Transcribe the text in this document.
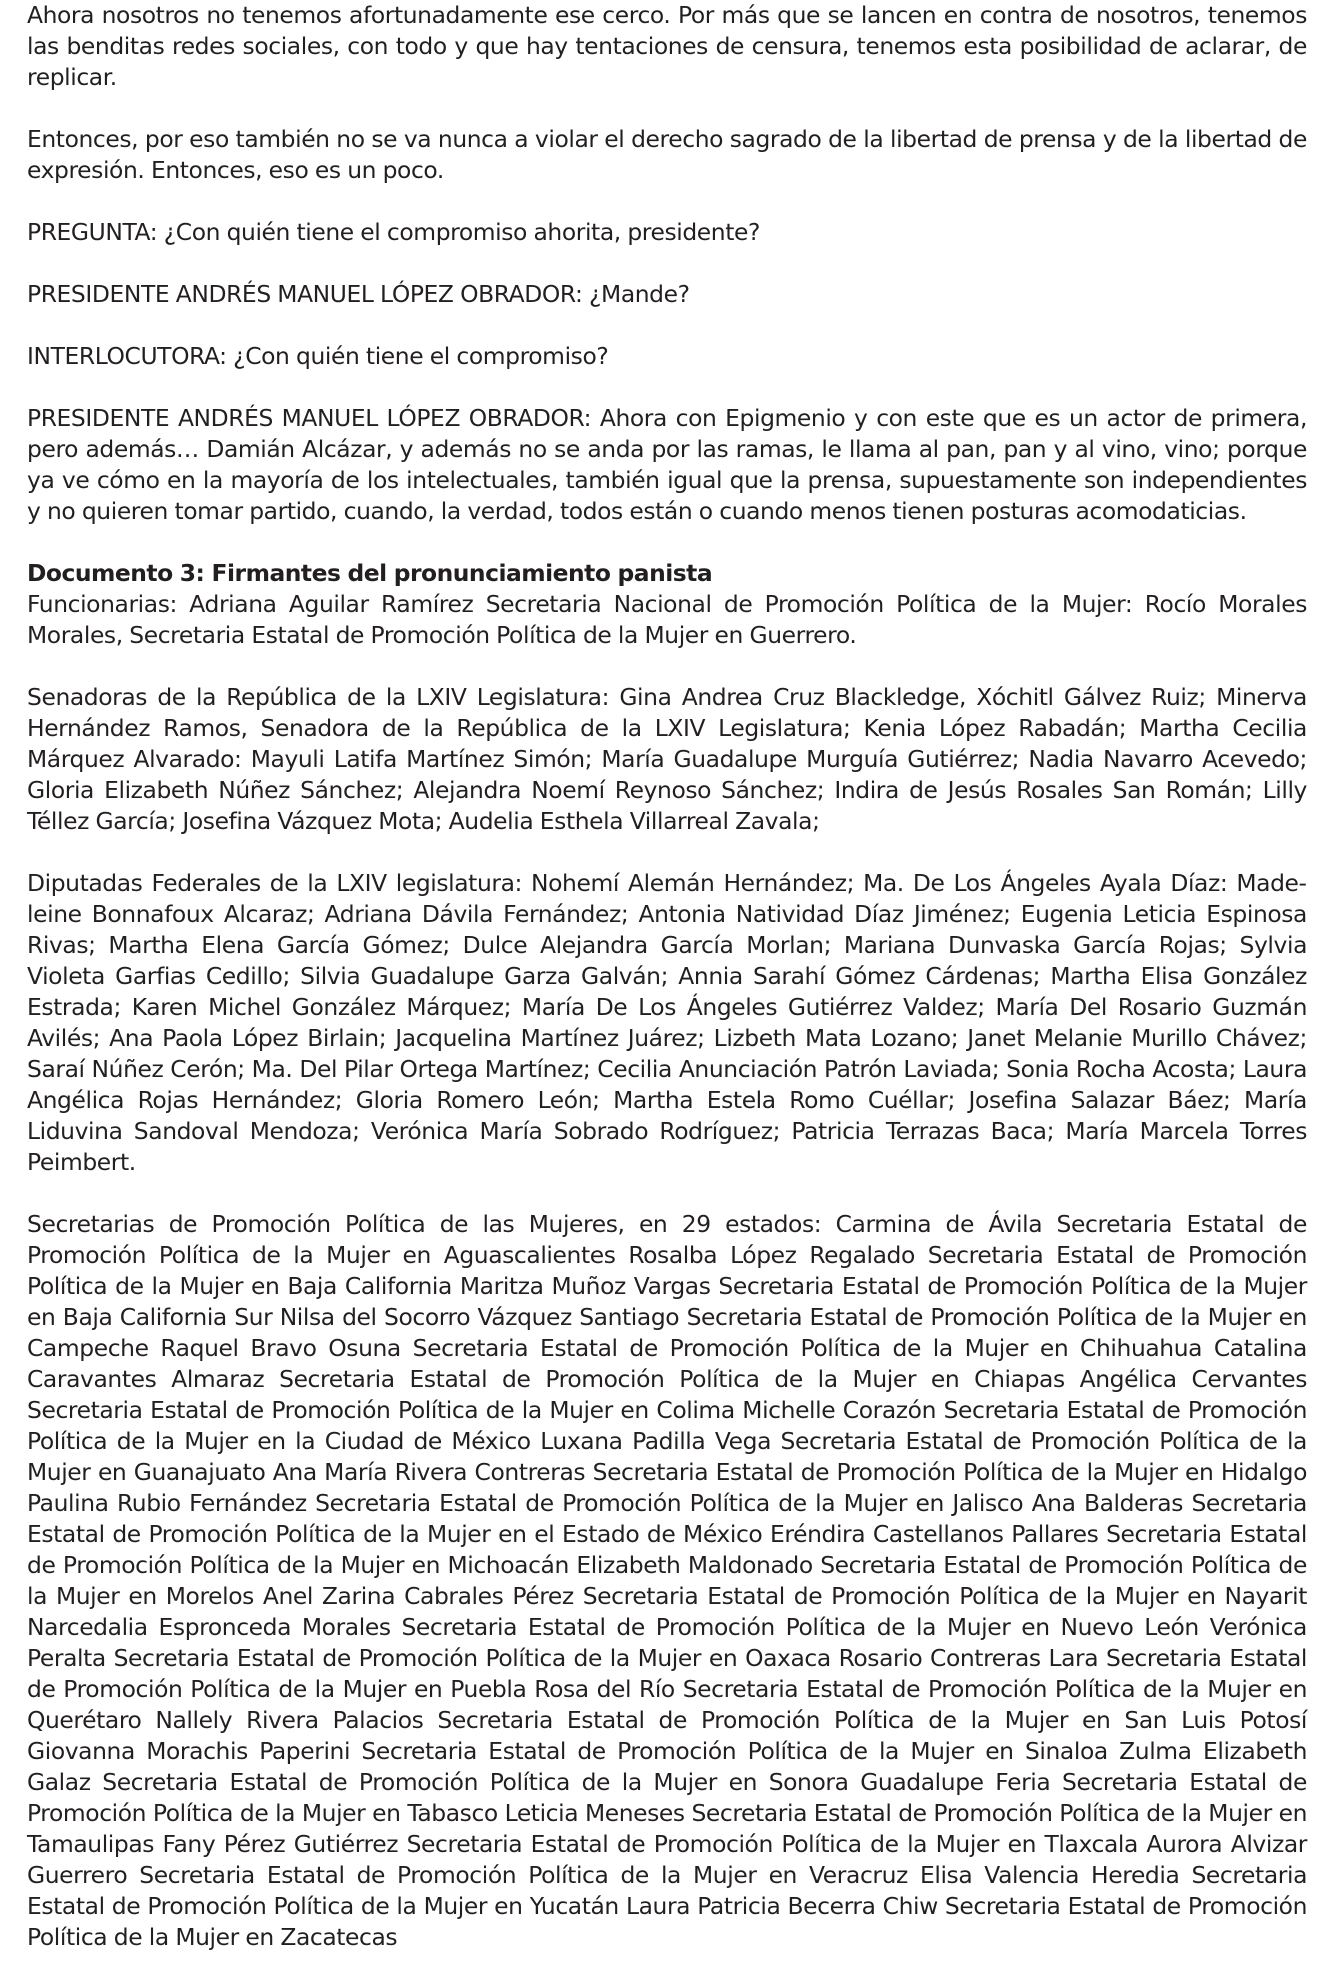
Ahora nosotros no tenemos afortunadamente ese cerco. Por más que se lancen en contra de nosotros, tenemos las benditas redes sociales, con todo y que hay tentaciones de censura, tenemos esta posibilidad de aclarar, de replicar.

Entonces, por eso también no se va nunca a violar el derecho sagrado de la libertad de prensa y de la libertad de expresión. Entonces, eso es un poco.

PREGUNTA: ¿Con quién tiene el compromiso ahorita, presidente?

PRESIDENTE ANDRÉS MANUEL LÓPEZ OBRADOR: ¿Mande?

INTERLOCUTORA: ¿Con quién tiene el compromiso?

PRESIDENTE ANDRÉS MANUEL LÓPEZ OBRADOR: Ahora con Epigmenio y con este que es un actor de primera, pero además… Damián Alcázar, y además no se anda por las ramas, le llama al pan, pan y al vino, vino; porque ya ve cómo en la mayoría de los intelectuales, también igual que la prensa, supuestamente son independientes y no quieren tomar partido, cuando, la verdad, todos están o cuando menos tienen posturas acomodaticias.

Documento 3: Firmantes del pronunciamiento panista

Funcionarias: Adriana Aguilar Ramírez Secretaria Nacional de Promoción Política de la Mujer: Rocío Morales Morales, Secretaria Estatal de Promoción Política de la Mujer en Guerrero.

Senadoras de la República de la LXIV Legislatura: Gina Andrea Cruz Blackledge, Xóchitl Gálvez Ruiz; Minerva Hernández Ramos, Senadora de la República de la LXIV Legislatura; Kenia López Rabadán; Martha Cecilia Márquez Alvarado: Mayuli Latifa Martínez Simón; María Guadalupe Murguía Gutiérrez; Nadia Navarro Acevedo; Gloria Elizabeth Núñez Sánchez; Alejandra Noemí Reynoso Sánchez; Indira de Jesús Rosales San Román; Lilly Téllez García; Josefina Vázquez Mota; Audelia Esthela Villarreal Zavala;

Diputadas Federales de la LXIV legislatura: Nohemí Alemán Hernández; Ma. De Los Ángeles Ayala Díaz: Madeleine Bonnafoux Alcaraz; Adriana Dávila Fernández; Antonia Natividad Díaz Jiménez; Eugenia Leticia Espinosa Rivas; Martha Elena García Gómez; Dulce Alejandra García Morlan; Mariana Dunvaska García Rojas; Sylvia Violeta Garfias Cedillo; Silvia Guadalupe Garza Galván; Annia Sarahí Gómez Cárdenas; Martha Elisa González Estrada; Karen Michel González Márquez; María De Los Ángeles Gutiérrez Valdez; María Del Rosario Guzmán Avilés; Ana Paola López Birlain; Jacquelina Martínez Juárez; Lizbeth Mata Lozano; Janet Melanie Murillo Chávez; Saraí Núñez Cerón; Ma. Del Pilar Ortega Martínez; Cecilia Anunciación Patrón Laviada; Sonia Rocha Acosta; Laura Angélica Rojas Hernández; Gloria Romero León; Martha Estela Romo Cuéllar; Josefina Salazar Báez; María Liduvina Sandoval Mendoza; Verónica María Sobrado Rodríguez; Patricia Terrazas Baca; María Marcela Torres Peimbert.

Secretarias de Promoción Política de las Mujeres, en 29 estados: Carmina de Ávila Secretaria Estatal de Promoción Política de la Mujer en Aguascalientes Rosalba López Regalado Secretaria Estatal de Promoción Política de la Mujer en Baja California Maritza Muñoz Vargas Secretaria Estatal de Promoción Política de la Mujer en Baja California Sur Nilsa del Socorro Vázquez Santiago Secretaria Estatal de Promoción Política de la Mujer en Campeche Raquel Bravo Osuna Secretaria Estatal de Promoción Política de la Mujer en Chihuahua Catalina Caravantes Almaraz Secretaria Estatal de Promoción Política de la Mujer en Chiapas Angélica Cervantes Secretaria Estatal de Promoción Política de la Mujer en Colima Michelle Corazón Secretaria Estatal de Promoción Política de la Mujer en la Ciudad de México Luxana Padilla Vega Secretaria Estatal de Promoción Política de la Mujer en Guanajuato Ana María Rivera Contreras Secretaria Estatal de Promoción Política de la Mujer en Hidalgo Paulina Rubio Fernández Secretaria Estatal de Promoción Política de la Mujer en Jalisco Ana Balderas Secretaria Estatal de Promoción Política de la Mujer en el Estado de México Eréndira Castellanos Pallares Secretaria Estatal de Promoción Política de la Mujer en Michoacán Elizabeth Maldonado Secretaria Estatal de Promoción Política de la Mujer en Morelos Anel Zarina Cabrales Pérez Secretaria Estatal de Promoción Política de la Mujer en Nayarit Narcedalia Espronceda Morales Secretaria Estatal de Promoción Política de la Mujer en Nuevo León Verónica Peralta Secretaria Estatal de Promoción Política de la Mujer en Oaxaca Rosario Contreras Lara Secretaria Estatal de Promoción Política de la Mujer en Puebla Rosa del Río Secretaria Estatal de Promoción Política de la Mujer en Querétaro Nallely Rivera Palacios Secretaria Estatal de Promoción Política de la Mujer en San Luis Potosí Giovanna Morachis Paperini Secretaria Estatal de Promoción Política de la Mujer en Sinaloa Zulma Elizabeth Galaz Secretaria Estatal de Promoción Política de la Mujer en Sonora Guadalupe Feria Secretaria Estatal de Promoción Política de la Mujer en Tabasco Leticia Meneses Secretaria Estatal de Promoción Política de la Mujer en Tamaulipas Fany Pérez Gutiérrez Secretaria Estatal de Promoción Política de la Mujer en Tlaxcala Aurora Alvizar Guerrero Secretaria Estatal de Promoción Política de la Mujer en Veracruz Elisa Valencia Heredia Secretaria Estatal de Promoción Política de la Mujer en Yucatán Laura Patricia Becerra Chiw Secretaria Estatal de Promoción Política de la Mujer en Zacatecas
